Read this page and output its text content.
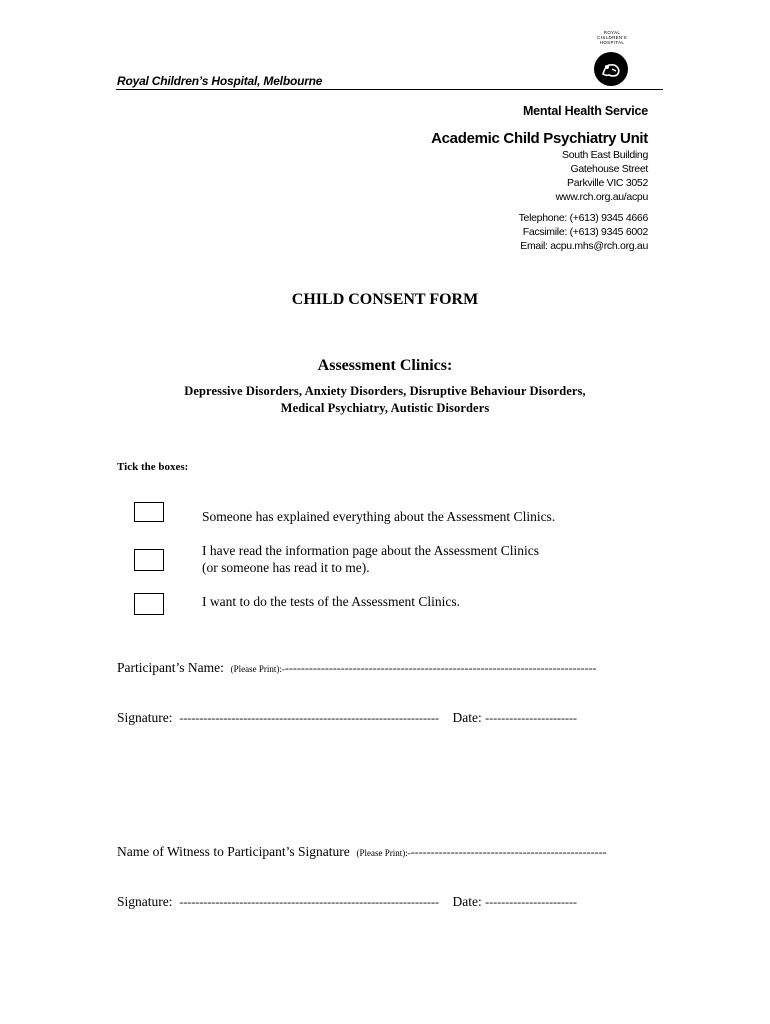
Royal Children’s Hospital, Melbourne
ROYAL
CHILDREN'S
HOSPITAL
Mental Health Service
Academic Child Psychiatry Unit
South East Building
Gatehouse Street
Parkville VIC 3052
www.rch.org.au/acpu
Telephone: (+613) 9345 4666
Facsimile: (+613) 9345 6002
Email: acpu.mhs@rch.org.au
CHILD CONSENT FORM
Assessment Clinics:
Depressive Disorders, Anxiety Disorders, Disruptive Behaviour Disorders,
Medical Psychiatry, Autistic Disorders
Tick the boxes:
Someone has explained everything about the Assessment Clinics.
I have read the information page about the Assessment Clinics
(or someone has read it to me).
I want to do the tests of the Assessment Clinics.
Participant’s Name: (Please Print):-------------------------------------------------------------------------------
Signature: ----------------------------------------------------------------- Date: -----------------------
Name of Witness to Participant’s Signature (Please Print):--------------------------------------------------
Signature: ----------------------------------------------------------------- Date: -----------------------
